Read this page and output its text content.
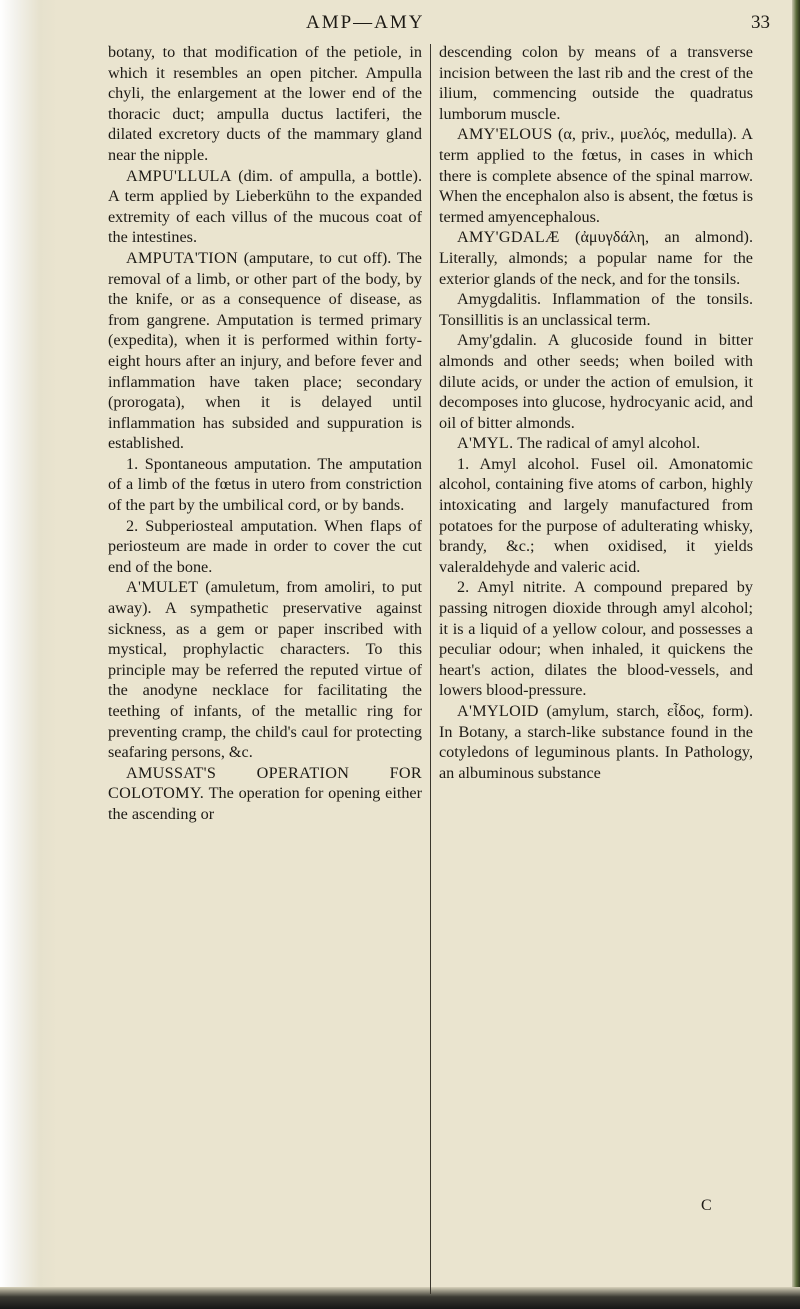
AMP—AMY	33

botany, to that modification of the petiole, in which it resembles an open pitcher. Ampulla chyli, the enlargement at the lower end of the thoracic duct; ampulla ductus lactiferi, the dilated excretory ducts of the mammary gland near the nipple.

AMPU'LLULA (dim. of ampulla, a bottle). A term applied by Lieberkühn to the expanded extremity of each villus of the mucous coat of the intestines.

AMPUTA'TION (amputare, to cut off). The removal of a limb, or other part of the body, by the knife, or as a consequence of disease, as from gangrene. Amputation is termed primary (expedita), when it is performed within forty-eight hours after an injury, and before fever and inflammation have taken place; secondary (prorogata), when it is delayed until inflammation has subsided and suppuration is established.

1. Spontaneous amputation. The amputation of a limb of the fœtus in utero from constriction of the part by the umbilical cord, or by bands.

2. Subperiosteal amputation. When flaps of periosteum are made in order to cover the cut end of the bone.

A'MULET (amuletum, from amoliri, to put away). A sympathetic preservative against sickness, as a gem or paper inscribed with mystical, prophylactic characters. To this principle may be referred the reputed virtue of the anodyne necklace for facilitating the teething of infants, of the metallic ring for preventing cramp, the child's caul for protecting seafaring persons, &c.

AMUSSAT'S OPERATION FOR COLOTOMY. The operation for opening either the ascending or

descending colon by means of a transverse incision between the last rib and the crest of the ilium, commencing outside the quadratus lumborum muscle.

AMY'ELOUS (α, priv., μυελός, medulla). A term applied to the fœtus, in cases in which there is complete absence of the spinal marrow. When the encephalon also is absent, the fœtus is termed amyencephalous.

AMY'GDALÆ (ἀμυγδάλη, an almond). Literally, almonds; a popular name for the exterior glands of the neck, and for the tonsils.

Amygdalitis. Inflammation of the tonsils. Tonsillitis is an unclassical term.

Amy'gdalin. A glucoside found in bitter almonds and other seeds; when boiled with dilute acids, or under the action of emulsion, it decomposes into glucose, hydrocyanic acid, and oil of bitter almonds.

A'MYL. The radical of amyl alcohol.

1. Amyl alcohol. Fusel oil. Amonatomic alcohol, containing five atoms of carbon, highly intoxicating and largely manufactured from potatoes for the purpose of adulterating whisky, brandy, &c.; when oxidised, it yields valeraldehyde and valeric acid.

2. Amyl nitrite. A compound prepared by passing nitrogen dioxide through amyl alcohol; it is a liquid of a yellow colour, and possesses a peculiar odour; when inhaled, it quickens the heart's action, dilates the blood-vessels, and lowers blood-pressure.

A'MYLOID (amylum, starch, εἶδος, form). In Botany, a starch-like substance found in the cotyledons of leguminous plants. In Pathology, an albuminous substance

C
